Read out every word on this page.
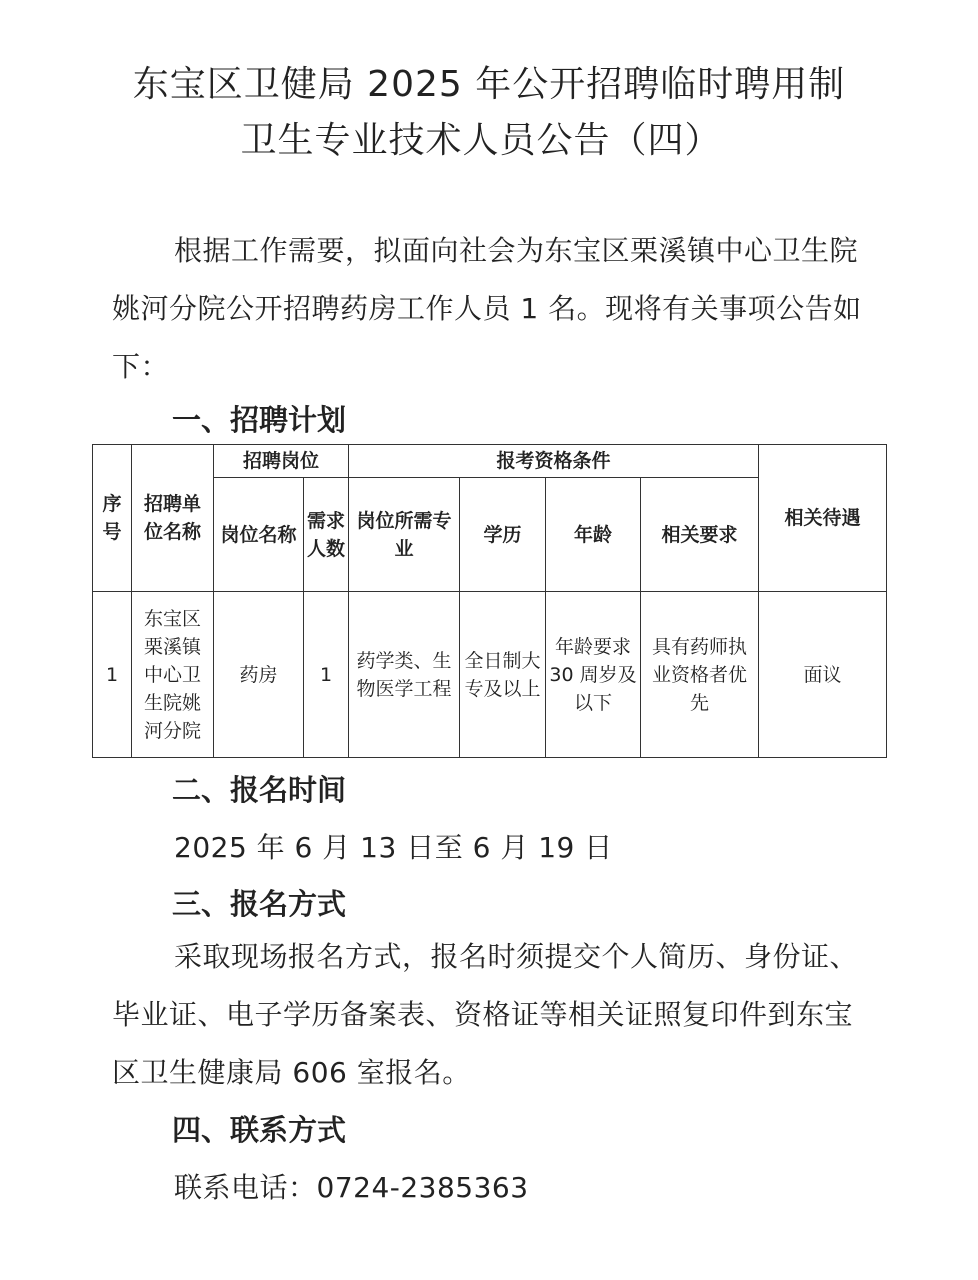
东宝区卫健局 2025 年公开招聘临时聘用制
卫生专业技术人员公告（四）

根据工作需要，拟面向社会为东宝区栗溪镇中心卫生院姚河分院公开招聘药房工作人员 1 名。现将有关事项公告如下：

一、招聘计划
序号	招聘单位名称	招聘岗位		报考资格条件				相关待遇
		岗位名称	需求人数	岗位所需专业	学历	年龄	相关要求	
1	东宝区栗溪镇中心卫生院姚河分院	药房	1	药学类、生物医学工程	全日制大专及以上	年龄要求 30 周岁及以下	具有药师执业资格者优先	面议
二、报名时间

2025 年 6 月 13 日至 6 月 19 日

三、报名方式

采取现场报名方式，报名时须提交个人简历、身份证、毕业证、电子学历备案表、资格证等相关证照复印件到东宝区卫生健康局 606 室报名。

四、联系方式

联系电话：0724-2385363
